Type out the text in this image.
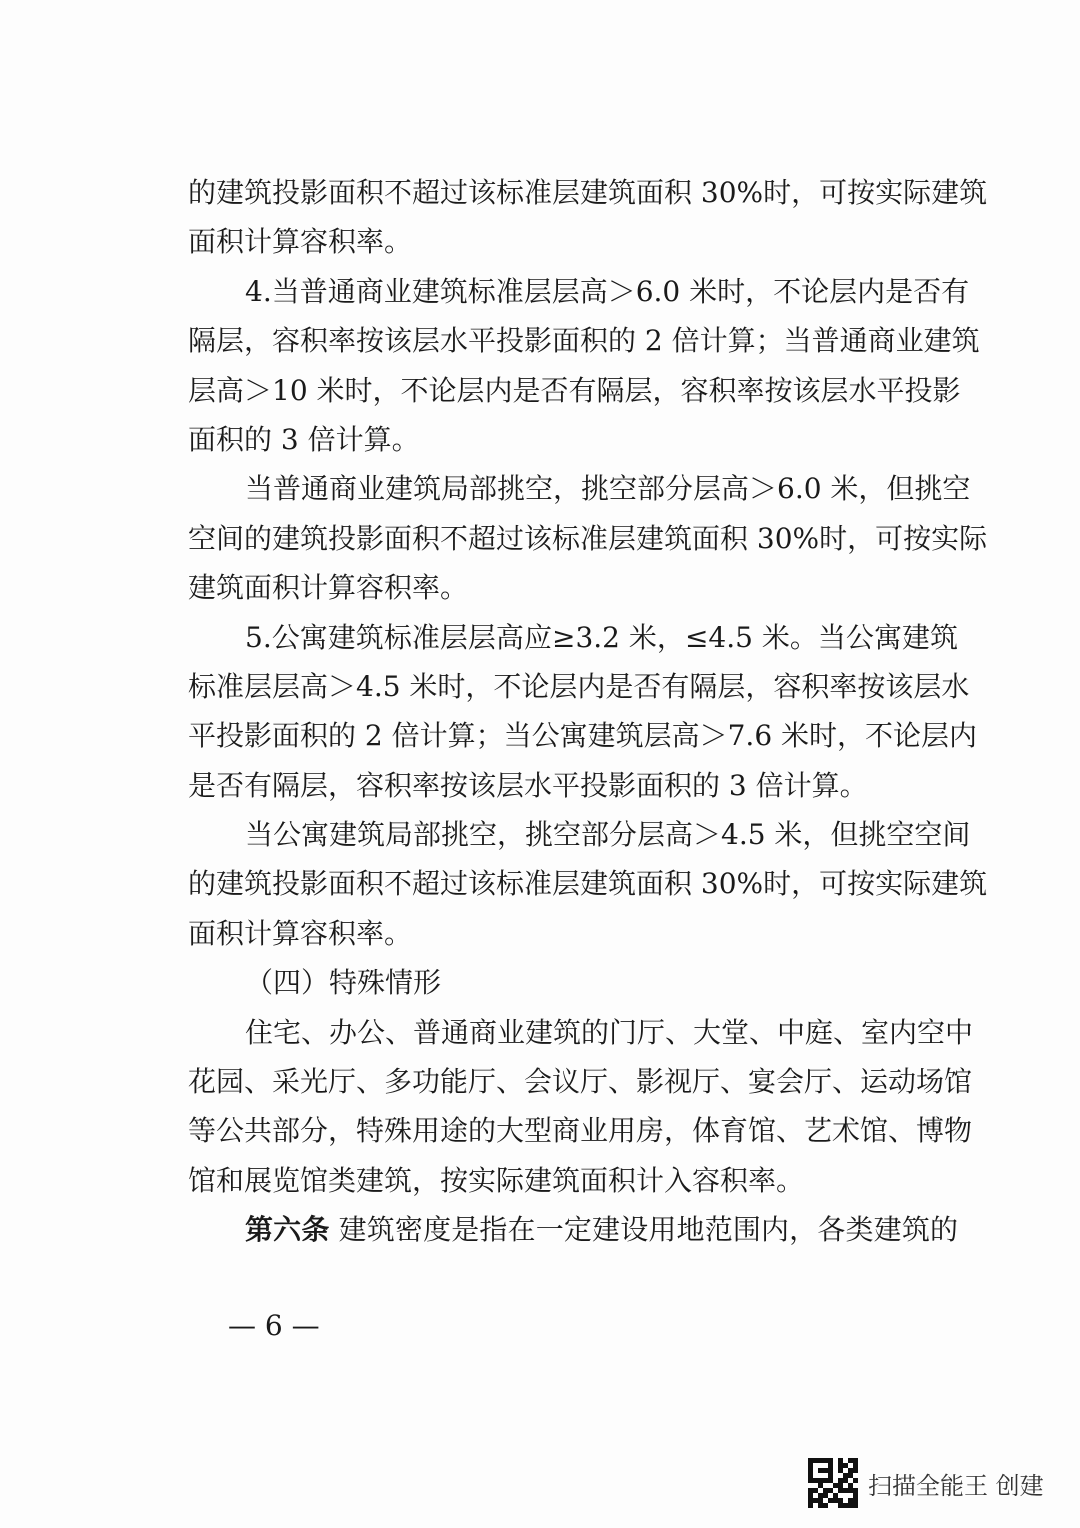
的建筑投影面积不超过该标准层建筑面积 30%时，可按实际建筑
面积计算容积率。
4.当普通商业建筑标准层层高＞6.0 米时，不论层内是否有
隔层，容积率按该层水平投影面积的 2 倍计算；当普通商业建筑
层高＞10 米时，不论层内是否有隔层，容积率按该层水平投影
面积的 3 倍计算。
当普通商业建筑局部挑空，挑空部分层高＞6.0 米，但挑空
空间的建筑投影面积不超过该标准层建筑面积 30%时，可按实际
建筑面积计算容积率。
5.公寓建筑标准层层高应≥3.2 米，≤4.5 米。当公寓建筑
标准层层高＞4.5 米时，不论层内是否有隔层，容积率按该层水
平投影面积的 2 倍计算；当公寓建筑层高＞7.6 米时，不论层内
是否有隔层，容积率按该层水平投影面积的 3 倍计算。
当公寓建筑局部挑空，挑空部分层高＞4.5 米，但挑空空间
的建筑投影面积不超过该标准层建筑面积 30%时，可按实际建筑
面积计算容积率。
（四）特殊情形
住宅、办公、普通商业建筑的门厅、大堂、中庭、室内空中
花园、采光厅、多功能厅、会议厅、影视厅、宴会厅、运动场馆
等公共部分，特殊用途的大型商业用房，体育馆、艺术馆、博物
馆和展览馆类建筑，按实际建筑面积计入容积率。
第六条 建筑密度是指在一定建设用地范围内，各类建筑的
— 6 —
扫描全能王 创建
